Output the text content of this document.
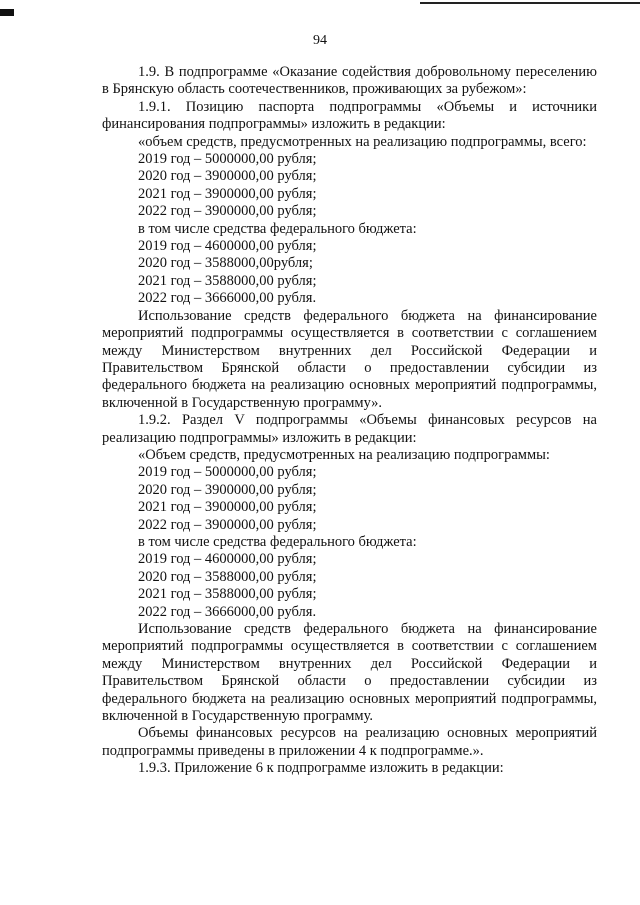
94

1.9. В подпрограмме «Оказание содействия добровольному переселению в Брянскую область соотечественников, проживающих за рубежом»:

1.9.1. Позицию паспорта подпрограммы «Объемы и источники финансирования подпрограммы» изложить в редакции:

«объем средств, предусмотренных на реализацию подпрограммы, всего:

2019 год – 5000000,00 рубля;

2020 год – 3900000,00 рубля;

2021 год – 3900000,00 рубля;

2022 год – 3900000,00 рубля;

в том числе средства федерального бюджета:

2019 год – 4600000,00 рубля;

2020 год – 3588000,00рубля;

2021 год – 3588000,00 рубля;

2022 год – 3666000,00 рубля.

Использование средств федерального бюджета на финансирование мероприятий подпрограммы осуществляется в соответствии с соглашением между Министерством внутренних дел Российской Федерации и Правительством Брянской области о предоставлении субсидии из федерального бюджета на реализацию основных мероприятий подпрограммы, включенной в Государственную программу».

1.9.2. Раздел V подпрограммы «Объемы финансовых ресурсов на реализацию подпрограммы» изложить в редакции:

«Объем средств, предусмотренных на реализацию подпрограммы:

2019 год – 5000000,00 рубля;

2020 год – 3900000,00 рубля;

2021 год – 3900000,00 рубля;

2022 год – 3900000,00 рубля;

в том числе средства федерального бюджета:

2019 год – 4600000,00 рубля;

2020 год – 3588000,00 рубля;

2021 год – 3588000,00 рубля;

2022 год – 3666000,00 рубля.

Использование средств федерального бюджета на финансирование мероприятий подпрограммы осуществляется в соответствии с соглашением между Министерством внутренних дел Российской Федерации и Правительством Брянской области о предоставлении субсидии из федерального бюджета на реализацию основных мероприятий подпрограммы, включенной в Государственную программу.

Объемы финансовых ресурсов на реализацию основных мероприятий подпрограммы приведены в приложении 4 к подпрограмме.».

1.9.3. Приложение 6 к подпрограмме изложить в редакции:
